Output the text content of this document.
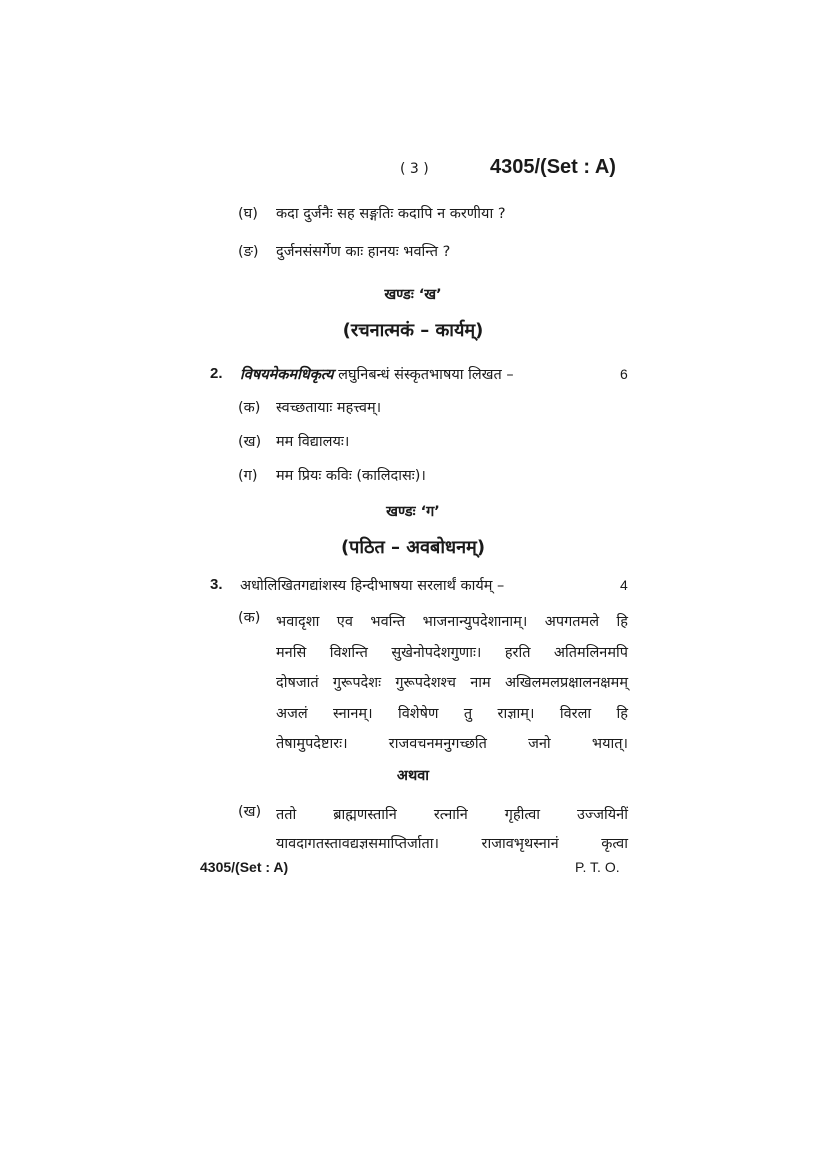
( 3 )	4305/(Set : A)
(घ) कदा दुर्जनैः सह सङ्गतिः कदापि न करणीया ?
(ङ) दुर्जनसंसर्गेण काः हानयः भवन्ति ?
खण्डः ‘ख’
(रचनात्मकं – कार्यम्)
2. विषयमेकमधिकृत्य लघुनिबन्धं संस्कृतभाषया लिखत –	6
(क) स्वच्छतायाः महत्त्वम्।
(ख) मम विद्यालयः।
(ग) मम प्रियः कविः (कालिदासः)।
खण्डः ‘ग’
(पठित – अवबोधनम्)
3. अधोलिखितगद्यांशस्य हिन्दीभाषया सरलार्थं कार्यम् –	4
(क) भवादृशा एव भवन्ति भाजनान्युपदेशानाम्। अपगतमले हि
मनसि विशन्ति सुखेनोपदेशगुणाः। हरति अतिमलिनमपि
दोषजातं गुरूपदेशः गुरूपदेशश्च नाम अखिलमलप्रक्षालनक्षमम्
अजलं स्नानम्। विशेषेण तु राज्ञाम्। विरला हि
तेषामुपदेष्टारः। राजवचनमनुगच्छति जनो भयात्।
अथवा
(ख) ततो ब्राह्मणस्तानि रत्नानि गृहीत्वा उज्जयिनीं
यावदागतस्तावद्यज्ञसमाप्तिर्जाता। राजावभृथस्नानं कृत्वा
4305/(Set : A)	P. T. O.
